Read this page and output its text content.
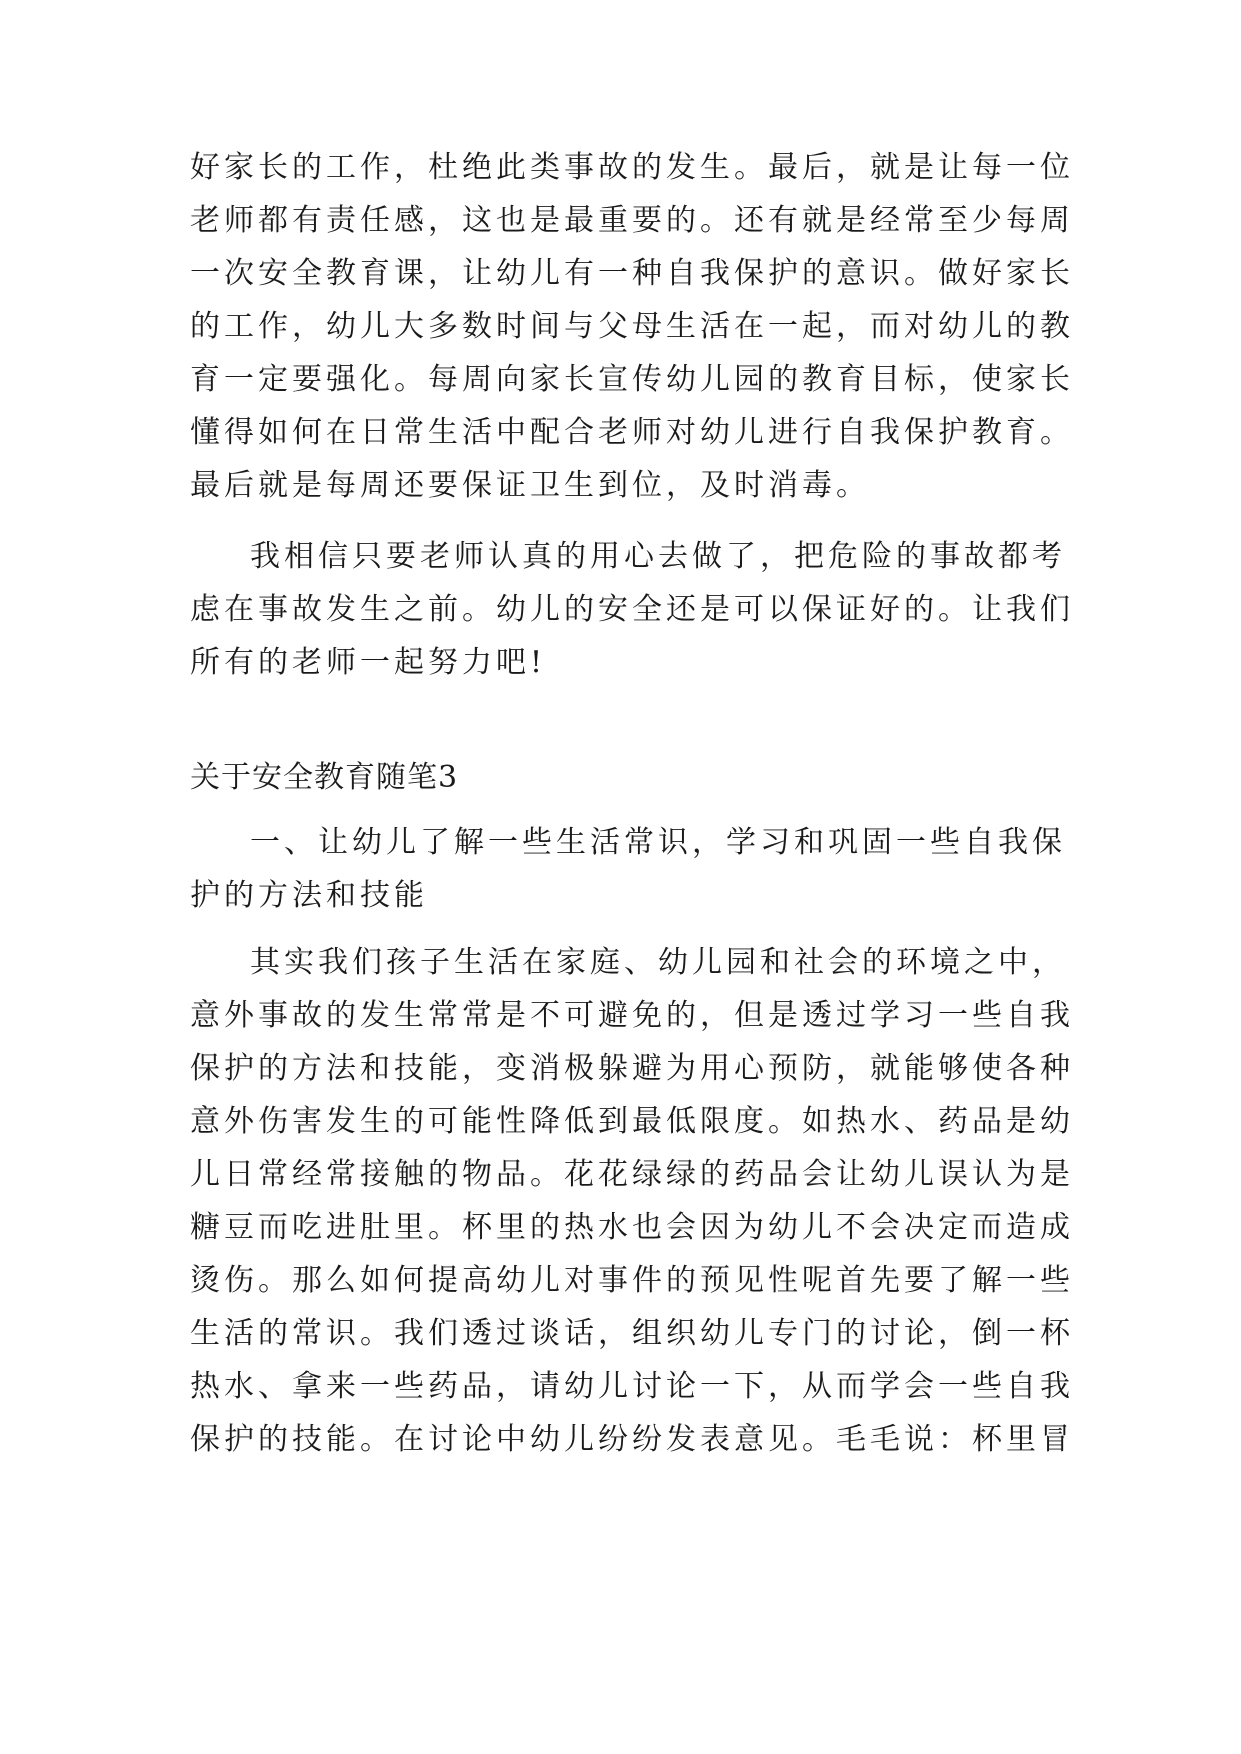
好家长的工作，杜绝此类事故的发生。最后，就是让每一位
老师都有责任感，这也是最重要的。还有就是经常至少每周
一次安全教育课，让幼儿有一种自我保护的意识。做好家长
的工作，幼儿大多数时间与父母生活在一起，而对幼儿的教
育一定要强化。每周向家长宣传幼儿园的教育目标，使家长
懂得如何在日常生活中配合老师对幼儿进行自我保护教育。
最后就是每周还要保证卫生到位，及时消毒。
我相信只要老师认真的用心去做了，把危险的事故都考
虑在事故发生之前。幼儿的安全还是可以保证好的。让我们
所有的老师一起努力吧!
关于安全教育随笔3
一、让幼儿了解一些生活常识，学习和巩固一些自我保
护的方法和技能
其实我们孩子生活在家庭、幼儿园和社会的环境之中，
意外事故的发生常常是不可避免的，但是透过学习一些自我
保护的方法和技能，变消极躲避为用心预防，就能够使各种
意外伤害发生的可能性降低到最低限度。如热水、药品是幼
儿日常经常接触的物品。花花绿绿的药品会让幼儿误认为是
糖豆而吃进肚里。杯里的热水也会因为幼儿不会决定而造成
烫伤。那么如何提高幼儿对事件的预见性呢首先要了解一些
生活的常识。我们透过谈话，组织幼儿专门的讨论，倒一杯
热水、拿来一些药品，请幼儿讨论一下，从而学会一些自我
保护的技能。在讨论中幼儿纷纷发表意见。毛毛说：杯里冒
